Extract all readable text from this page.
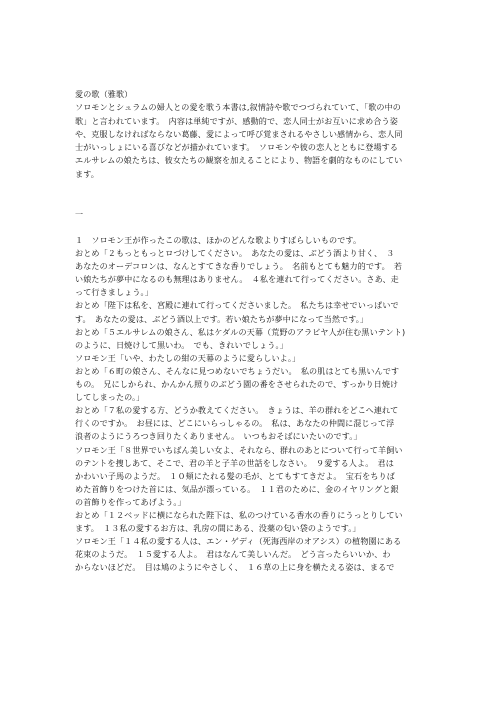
愛の歌（雅歌）
ソロモンとシュラムの婦人との愛を歌う本書は,叙情詩や歌でつづられていて、「歌の中の
歌」と言われています。　内容は単純ですが、感動的で、恋人同士がお互いに求め合う姿
や、克服しなければならない葛藤、愛によって呼び覚まされるやさしい感情から、恋人同
士がいっしょにいる喜びなどが描かれています。　ソロモンや彼の恋人とともに登場する
エルサレムの娘たちは、彼女たちの観察を加えることにより、物語を劇的なものにしてい
ます。
一
１　ソロモン王が作ったこの歌は、ほかのどんな歌よりすばらしいものです。
おとめ「２もっともっとロづけしてください。　あなたの愛は、ぶどう酒より甘く、　３
あなたのオーデコロンは、なんとすてきな香りでしょう。　名前もとても魅力的です。　若
い娘たちが夢中になるのも無理はありません。　４私を連れて行ってください。さあ、走
って行きましょう。」
おとめ「陛下は私を、宮殿に連れて行ってくださいました。　私たちは幸せでいっぱいで
す。　あなたの愛は、ぶどう酒以上です。若い娘たちが夢中になって当然です。」
おとめ「５エルサレムの娘さん、私はケダルの天幕（荒野のアラビヤ人が住む黒いテント)
のように、日焼けして黒いわ。　でも、きれいでしょう。」
ソロモン王「いや、わたしの紺の天幕のように愛らしいよ。」
おとめ「６町の娘さん、そんなに見つめないでちょうだい。　私の肌はとても黒いんです
もの。　兄にしかられ、かんかん照りのぶどう園の番をさせられたので、すっかり日焼け
してしまったの。」
おとめ「７私の愛する方、どうか教えてください。　きょうは、羊の群れをどこへ連れて
行くのですか。　お昼には、どこにいらっしゃるの。　私は、あなたの仲間に混じって浮
浪者のようにうろつき回りたくありません。　いつもおそばにいたいのです。」
ソロモン王「８世界でいちばん美しい女よ、それなら、群れのあとについて行って羊飼い
のテントを捜しあて、そこで、君の羊と子羊の世話をしなさい。　９愛する人よ。　君は
かわいい子馬のようだ。　１０頬にたれる髪の毛が、とてもすてきだよ。　宝石をちりば
めた首飾りをつけた首には、気品が漂っている。　１１君のために、金のイヤリングと銀
の首飾りを作ってあげよう。」
おとめ「１２ベッドに横になられた陛下は、私のつけている香水の香りにうっとりしてい
ます。　１３私の愛するお方は、乳房の間にある、没薬の匂い袋のようです。」
ソロモン王「１４私の愛する人は、エン・ゲディ（死海西岸のオアシス）の植物園にある
花束のようだ。　１５愛する人よ。　君はなんて美しいんだ。　どう言ったらいいか、わ
からないほどだ。　目は鳩のようにやさしく、　１６草の上に身を横たえる姿は、まるで
